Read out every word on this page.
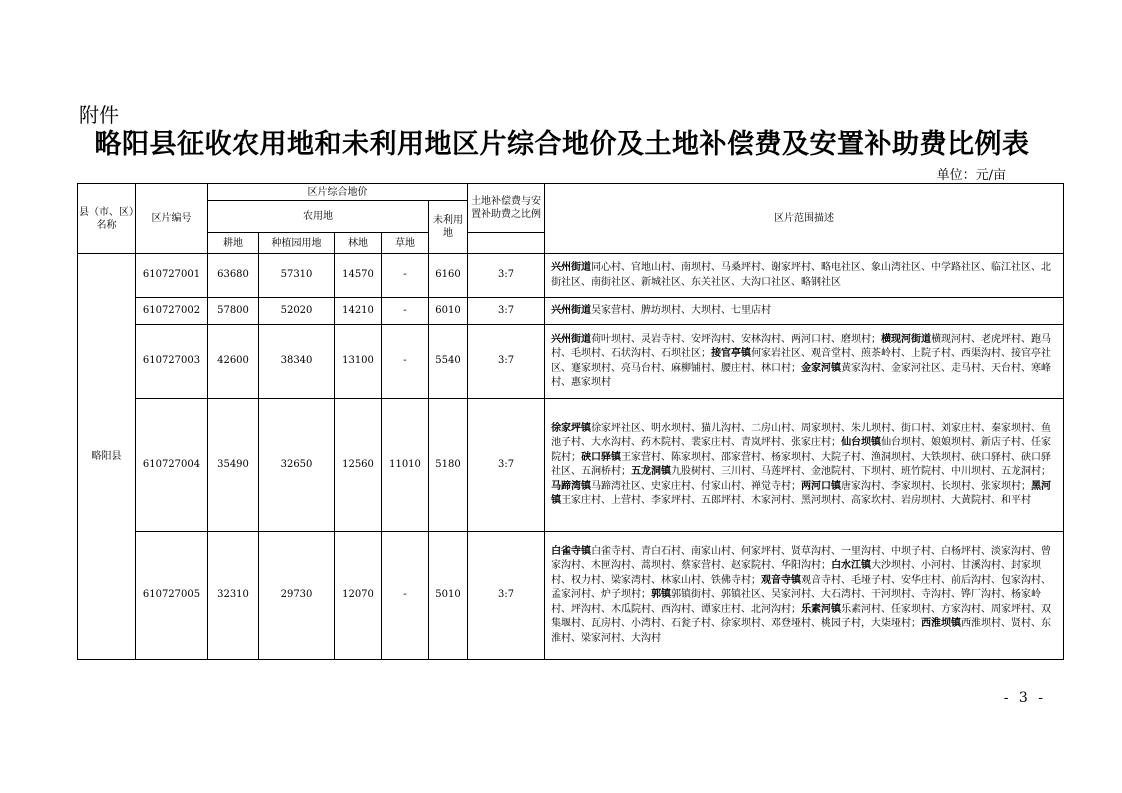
附件
略阳县征收农用地和未利用地区片综合地价及土地补偿费及安置补助费比例表
单位：元/亩
县（市、区）名称	区片编号	区片综合地价					土地补偿费与安置补助费之比例	区片范围描述
		农用地				未利用地		
		耕地	种植园用地	林地	草地			
略阳县	610727001	63680	57310	14570	-	6160	3:7	兴州街道同心村、官地山村、南坝村、马桑坪村、谢家坪村、略电社区、象山湾社区、中学路社区、临江社区、北街社区、南街社区、新城社区、东关社区、大沟口社区、略钢社区
	610727002	57800	52020	14210	-	6010	3:7	兴州街道吴家营村、脾坊坝村、大坝村、七里店村
	610727003	42600	38340	13100	-	5540	3:7	兴州街道荷叶坝村、灵岩寺村、安坪沟村、安林沟村、两河口村、磨坝村；横现河街道横现河村、老虎坪村、跑马村、毛坝村、石状沟村、石坝社区；接官亭镇何家岩社区、观音堂村、煎茶岭村、上院子村、西渠沟村、接官亭社区、蹇家坝村、亮马台村、麻柳铺村、腰庄村、林口村；金家河镇黄家沟村、金家河社区、走马村、天台村、寒峰村、惠家坝村
	610727004	35490	32650	12560	11010	5180	3:7	徐家坪镇徐家坪社区、明水坝村、猫儿沟村、二房山村、周家坝村、朱儿坝村、街口村、刘家庄村、秦家坝村、鱼池子村、大水沟村、药木院村、裴家庄村、青岚坪村、张家庄村；仙台坝镇仙台坝村、娘娘坝村、新店子村、任家院村；硖口驿镇王家营村、陈家坝村、邵家营村、杨家坝村、大院子村、渔洞坝村、大铁坝村、硖口驿村、硖口驿社区、五涧桥村；五龙洞镇九股树村、三川村、马莲坪村、金池院村、下坝村、班竹院村、中川坝村、五龙洞村；马蹄湾镇马蹄湾社区、史家庄村、付家山村、禅觉寺村；两河口镇唐家沟村、李家坝村、长坝村、张家坝村；黑河镇王家庄村、上营村、李家坪村、五郎坪村、木家河村、黑河坝村、高家坎村、岩房坝村、大黄院村、和平村
	610727005	32310	29730	12070	-	5010	3:7	白雀寺镇白雀寺村、青白石村、南家山村、何家坪村、贤草沟村、一里沟村、中坝子村、白杨坪村、淡家沟村、曾家沟村、木匣沟村、蒿坝村、蔡家营村、赵家院村、华阳沟村；白水江镇大沙坝村、小河村、甘溪沟村、封家坝村、权力村、梁家湾村、林家山村、铁佛寺村；观音寺镇观音寺村、毛垭子村、安华庄村、前后沟村、包家沟村、孟家河村、炉子坝村；郭镇郭镇街村、郭镇社区、吴家河村、大石湾村、干河坝村、寺沟村、铧厂沟村、杨家岭村、坪沟村、木瓜院村、西沟村、谭家庄村、北河沟村；乐素河镇乐素河村、任家坝村、方家沟村、周家坪村、双集堰村、瓦房村、小湾村、石瓮子村、徐家坝村、邓登垭村、桃园子村，大柒垭村；西淮坝镇西淮坝村、贤村、东淮村、梁家河村、大沟村
- 3 -
